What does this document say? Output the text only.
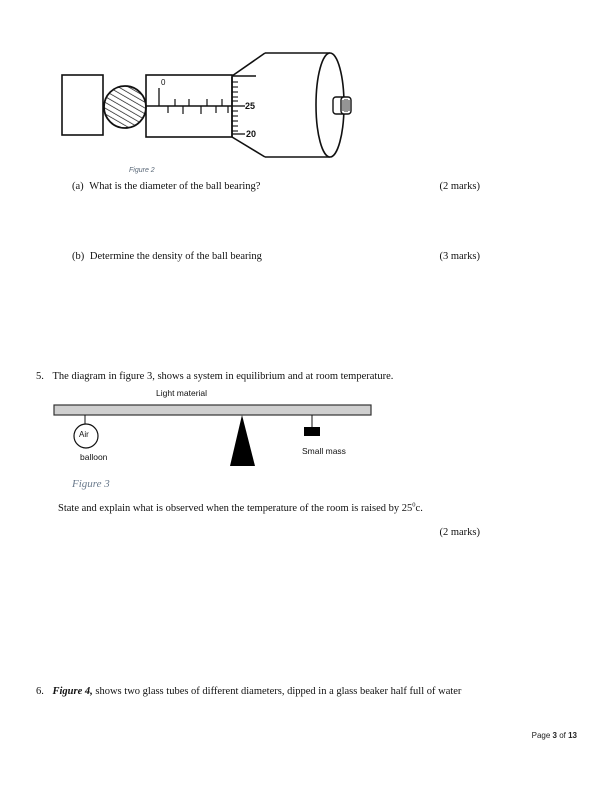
0
25
20
Figure 2
(a) What is the diameter of the ball bearing?	(2 marks)
(b) Determine the density of the ball bearing	(3 marks)
5. The diagram in figure 3, shows a system in equilibrium and at room temperature.
Light material
Air
balloon
Small mass
Figure 3
State and explain what is observed when the temperature of the room is raised by $25^0c$.
(2 marks)
6. Figure 4, shows two glass tubes of different diameters, dipped in a glass beaker half full of water
Page 3 of 13
